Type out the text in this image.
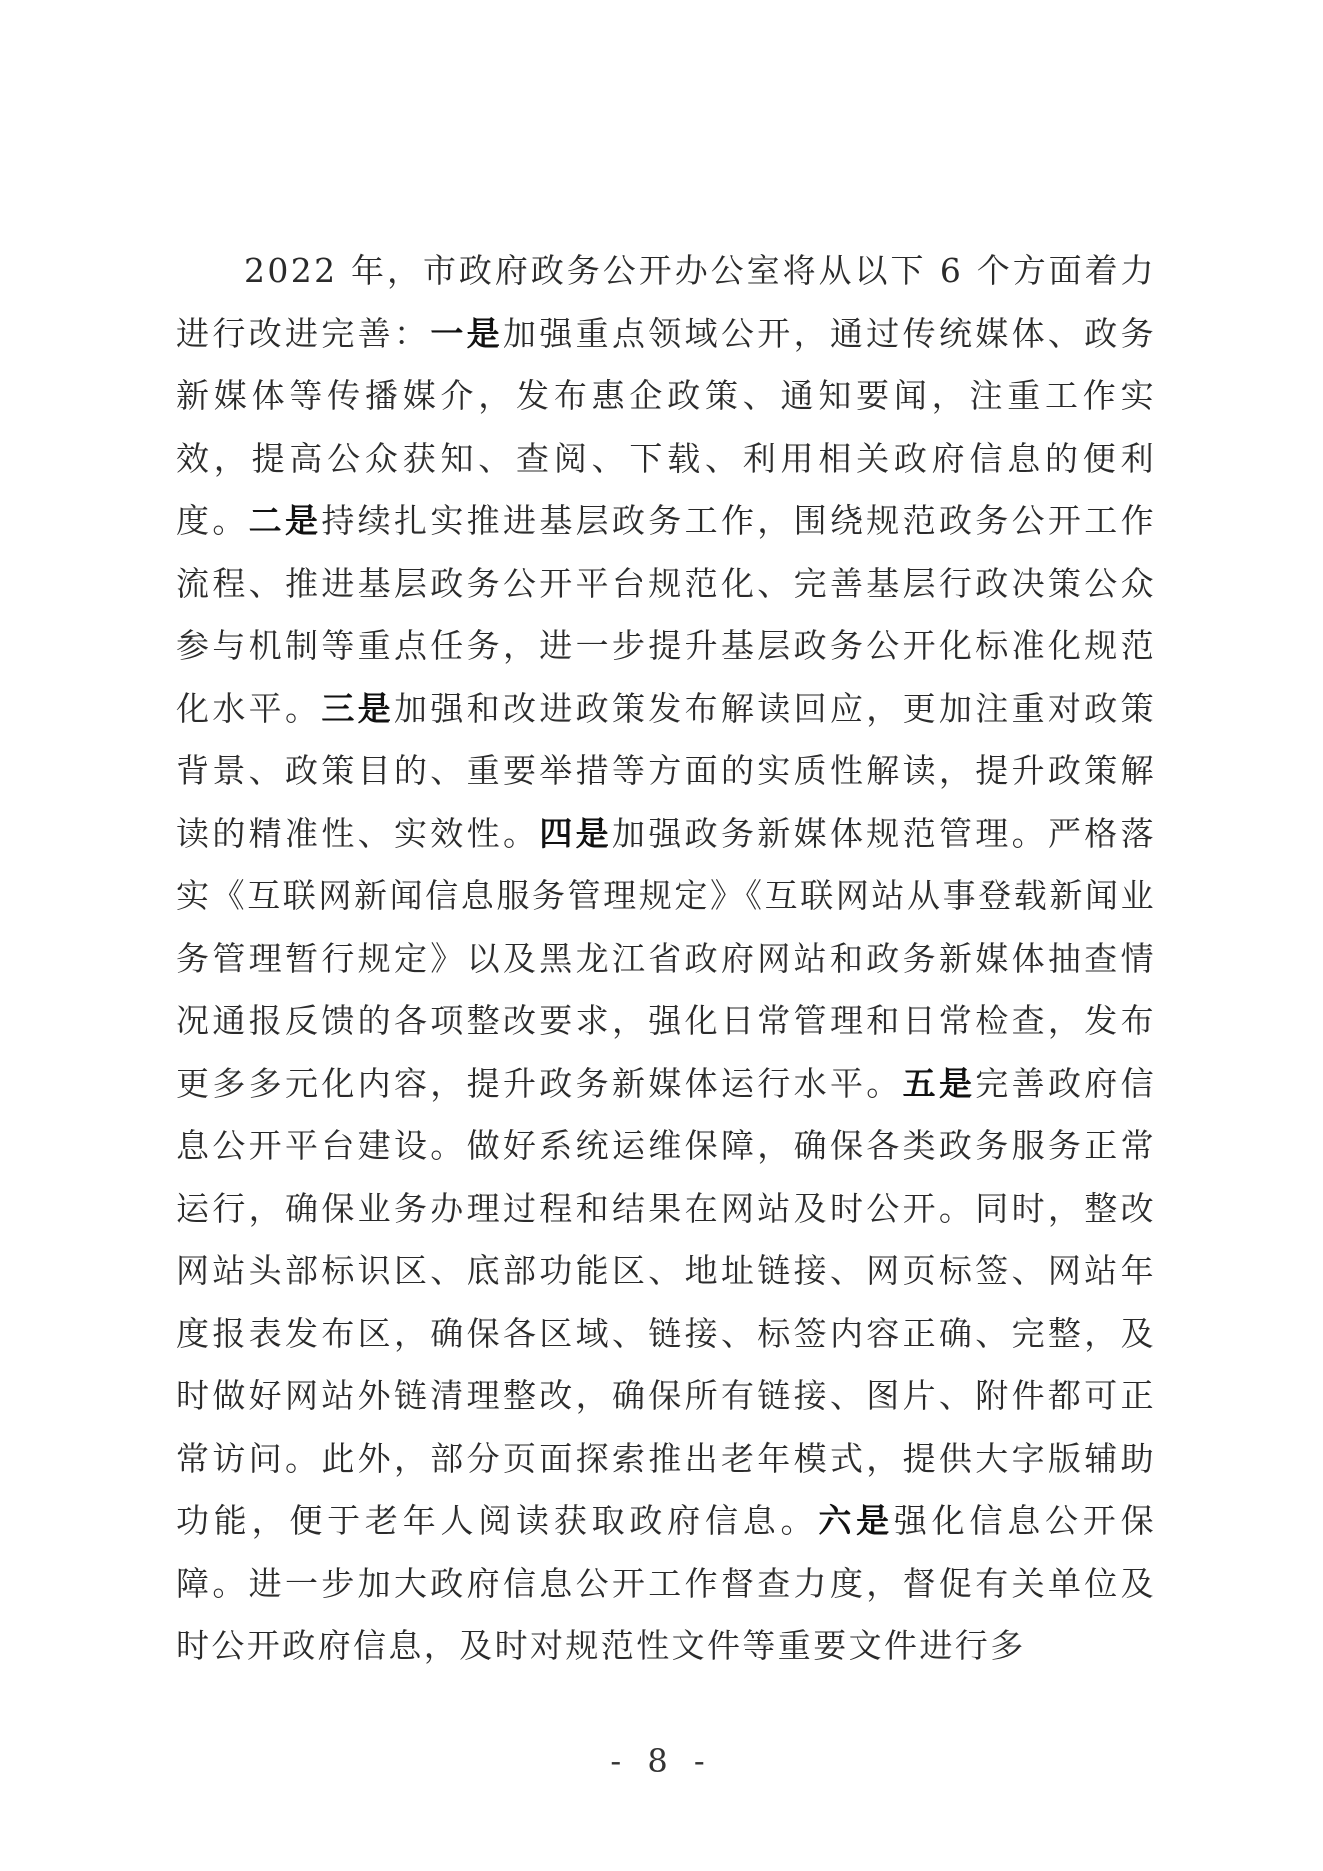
2022 年，市政府政务公开办公室将从以下 6 个方面着力进行改进完善：一是加强重点领域公开，通过传统媒体、政务新媒体等传播媒介，发布惠企政策、通知要闻，注重工作实效，提高公众获知、查阅、下载、利用相关政府信息的便利度。二是持续扎实推进基层政务工作，围绕规范政务公开工作流程、推进基层政务公开平台规范化、完善基层行政决策公众参与机制等重点任务，进一步提升基层政务公开化标准化规范化水平。三是加强和改进政策发布解读回应，更加注重对政策背景、政策目的、重要举措等方面的实质性解读，提升政策解读的精准性、实效性。四是加强政务新媒体规范管理。严格落实《互联网新闻信息服务管理规定》《互联网站从事登载新闻业务管理暂行规定》以及黑龙江省政府网站和政务新媒体抽查情况通报反馈的各项整改要求，强化日常管理和日常检查，发布更多多元化内容，提升政务新媒体运行水平。五是完善政府信息公开平台建设。做好系统运维保障，确保各类政务服务正常运行，确保业务办理过程和结果在网站及时公开。同时，整改网站头部标识区、底部功能区、地址链接、网页标签、网站年度报表发布区，确保各区域、链接、标签内容正确、完整，及时做好网站外链清理整改，确保所有链接、图片、附件都可正常访问。此外，部分页面探索推出老年模式，提供大字版辅助功能，便于老年人阅读获取政府信息。六是强化信息公开保障。进一步加大政府信息公开工作督查力度，督促有关单位及时公开政府信息，及时对规范性文件等重要文件进行多

- 8 -
